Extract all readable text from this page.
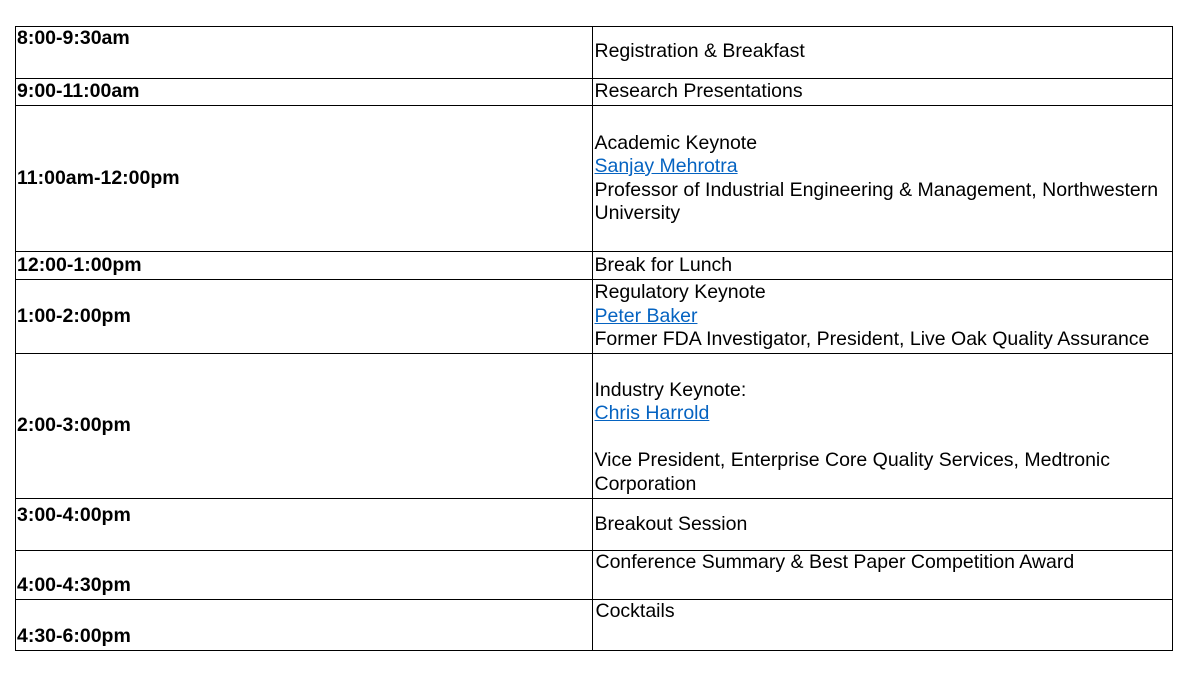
8:00-9:30am	Registration & Breakfast

9:00-11:00am	Research Presentations

11:00am-12:00pm	Academic Keynote
Sanjay Mehrotra
Professor of Industrial Engineering & Management, Northwestern University

12:00-1:00pm	Break for Lunch

1:00-2:00pm	Regulatory Keynote
Peter Baker
Former FDA Investigator, President, Live Oak Quality Assurance

2:00-3:00pm	Industry Keynote:
Chris Harrold
Vice President, Enterprise Core Quality Services, Medtronic Corporation

3:00-4:00pm	Breakout Session

4:00-4:30pm	Conference Summary & Best Paper Competition Award

4:30-6:00pm	Cocktails
